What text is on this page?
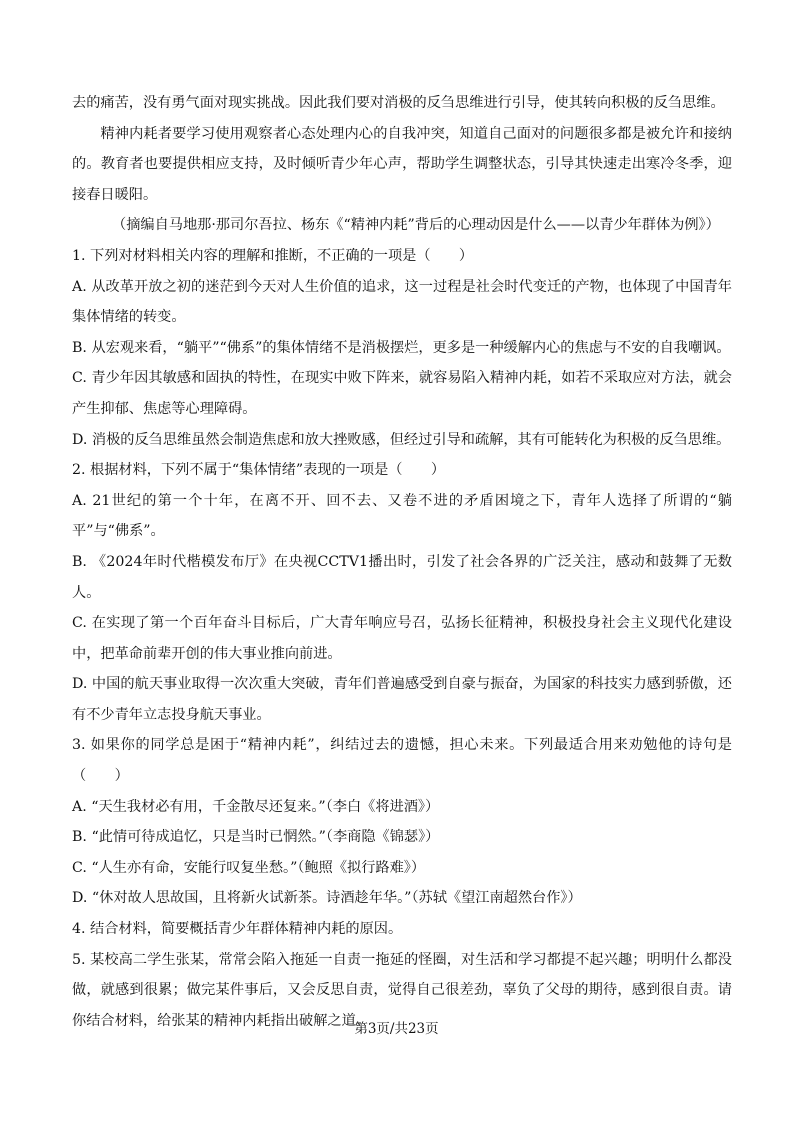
去的痛苦，没有勇气面对现实挑战。因此我们要对消极的反刍思维进行引导，使其转向积极的反刍思维。

精神内耗者要学习使用观察者心态处理内心的自我冲突，知道自己面对的问题很多都是被允许和接纳的。教育者也要提供相应支持，及时倾听青少年心声，帮助学生调整状态，引导其快速走出寒冷冬季，迎接春日暖阳。

（摘编自马地那·那司尔吾拉、杨东《“精神内耗”背后的心理动因是什么——以青少年群体为例》）

1. 下列对材料相关内容的理解和推断，不正确的一项是（　　）

A. 从改革开放之初的迷茫到今天对人生价值的追求，这一过程是社会时代变迁的产物，也体现了中国青年集体情绪的转变。

B. 从宏观来看，“躺平”“佛系”的集体情绪不是消极摆烂，更多是一种缓解内心的焦虑与不安的自我嘲讽。

C. 青少年因其敏感和固执的特性，在现实中败下阵来，就容易陷入精神内耗，如若不采取应对方法，就会产生抑郁、焦虑等心理障碍。

D. 消极的反刍思维虽然会制造焦虑和放大挫败感，但经过引导和疏解，其有可能转化为积极的反刍思维。

2. 根据材料，下列不属于“集体情绪”表现的一项是（　　）

A. 21世纪的第一个十年，在离不开、回不去、又卷不进的矛盾困境之下，青年人选择了所谓的“躺平”与“佛系”。

B. 《2024年时代楷模发布厅》在央视CCTV1播出时，引发了社会各界的广泛关注，感动和鼓舞了无数人。

C. 在实现了第一个百年奋斗目标后，广大青年响应号召，弘扬长征精神，积极投身社会主义现代化建设中，把革命前辈开创的伟大事业推向前进。

D. 中国的航天事业取得一次次重大突破，青年们普遍感受到自豪与振奋，为国家的科技实力感到骄傲，还有不少青年立志投身航天事业。

3. 如果你的同学总是困于“精神内耗”，纠结过去的遗憾，担心未来。下列最适合用来劝勉他的诗句是（　　）

A. “天生我材必有用，千金散尽还复来。”（李白《将进酒》）

B. “此情可待成追忆，只是当时已惘然。”（李商隐《锦瑟》）

C. “人生亦有命，安能行叹复坐愁。”（鲍照《拟行路难》）

D. “休对故人思故国，且将新火试新茶。诗酒趁年华。”（苏轼《望江南超然台作》）

4. 结合材料，简要概括青少年群体精神内耗的原因。

5. 某校高二学生张某，常常会陷入拖延一自责一拖延的怪圈，对生活和学习都提不起兴趣；明明什么都没做，就感到很累；做完某件事后，又会反思自责，觉得自己很差劲，辜负了父母的期待，感到很自责。请你结合材料，给张某的精神内耗指出破解之道。

第3页/共23页
